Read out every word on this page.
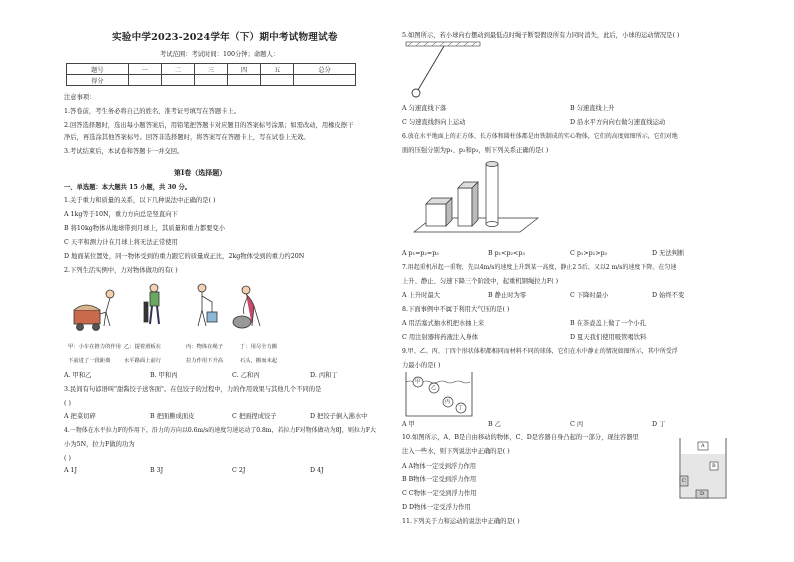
实验中学2023-2024学年（下）期中考试物理试卷
考试范围：考试时间：100分钟；命题人：
题号	一	二	三	四	五	总分
得分						
注意事项：
1.答卷前，考生务必将自己的姓名、准考证号填写在答题卡上。
2.回答选择题时，选出每小题答案后，用铅笔把答题卡对应题目的答案标号涂黑；如需改动，用橡皮擦干
净后，再选涂其他答案标号。回答非选择题时，将答案写在答题卡上，写在试卷上无效。
3.考试结束后，本试卷和答题卡一并交回。
第I卷（选择题）
一、单选题：本大题共 15 小题，共 30 分。
1.关于重力和质量的关系，以下几种说法中正确的是( )
A 1kg等于10N，重力方向总是竖直向下
B 将10kg物体从地球带到月球上，其质量和重力都要变小
C 天平和测力计在月球上将无法正常使用
D 地面某位置处，同一物体受到的重力跟它的质量成正比，2kg物体受到的重力约20N
2.下列生活实例中，力对物体做功的有( )
甲：小车在推力的作用 乙：提着滑板在	丙：物体在绳子	丁：用尽全力搬
下前进了一段距离	水平路面上前行	拉力作用下升高	石头，搬而未起
A. 甲和乙	B. 甲和丙	C. 乙和丙	D. 丙和丁
3.民间有句谚语叫"甜酱饺子送客面"。在包饺子的过程中，力的作用效果与其他几个不同的是
( )
A 把菜切碎	B 把面擀成面皮	C 把面捏成饺子	D 把饺子倒入沸水中
4.一物体在水平拉力F的作用下，沿力的方向以0.6m/s的速度匀速运动了0.8m，若拉力F对物体做功为8J，则拉力F大
小为5N，拉力F做的功为
( )
A 1J	B 3J	C 2J	D 4J
5.如图所示，若小球向右摆动到最低点时绳子断裂假设所有力同时消失，此后，小球的运动情况是( )
A 匀速直线下落	B 匀速直线上升
C 匀速直线斜向上运动	D 沿水平方向向右做匀速直线运动
6.放在水平地面上的正方体、长方体和圆柱体都是由铁制成的实心物体，它们的高度如图所示，它们对地
面的压强分别为p₁、p₂和p₃，则下列关系正确的是( )
A p₁=p₂=p₃	B p₁<p₂<p₃	C p₁>p₂>p₃	D 无法判断
7.用起重机吊起一重物，先以4m/s的速度上升到某一高度，静止2 5后，又以2 m/s的速度下降。在匀速
上升、静止、匀速下降三个阶段中，起重机钢绳拉力F( )
A 上升时最大	B 静止时为零	C 下降时最小	D 始终不变
8.下面事例中不属于利用大气压的是( )
A 用活塞式抽水机把水抽上来	B 在茶壶盖上做了一个小孔
C 用注射器将药液注入身体	D 夏天我们使用吸管喝饮料
9.甲、乙、丙、丁四个形状体积都相同而材料不同的球体，它们在水中静止的情况如图所示，其中所受浮
力最小的是( )
甲
乙
丙
丁
A 甲	B 乙	C 丙	D 丁
10.如图所示，A、B是自由移动的物体，C、D是容器自身凸起的一部分，现往容器里
注入一些水，则下列说法中正确的是( )
A
B
C
D
A A物体一定受到浮力作用
B B物体一定受到浮力作用
C C物体一定受到浮力作用
D D物体一定受浮力作用
11.下列关于力和运动的说法中正确的是( )
